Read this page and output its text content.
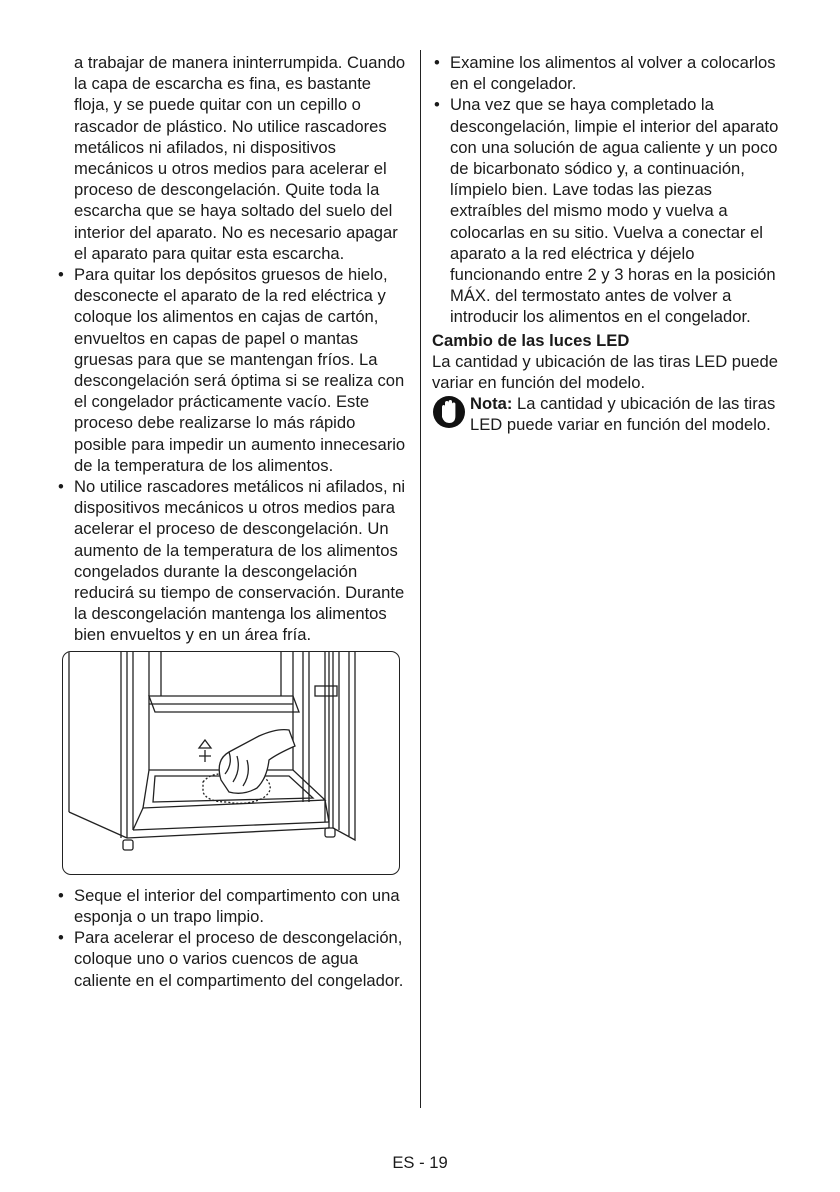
a trabajar de manera ininterrumpida. Cuando la capa de escarcha es fina, es bastante floja, y se puede quitar con un cepillo o rascador de plástico. No utilice rascadores metálicos ni afilados, ni dispositivos mecánicos u otros medios para acelerar el proceso de descongelación. Quite toda la escarcha que se haya soltado del suelo del interior del aparato. No es necesario apagar el aparato para quitar esta escarcha.

• Para quitar los depósitos gruesos de hielo, desconecte el aparato de la red eléctrica y coloque los alimentos en cajas de cartón, envueltos en capas de papel o mantas gruesas para que se mantengan fríos. La descongelación será óptima si se realiza con el congelador prácticamente vacío. Este proceso debe realizarse lo más rápido posible para impedir un aumento innecesario de la temperatura de los alimentos.
• No utilice rascadores metálicos ni afilados, ni dispositivos mecánicos u otros medios para acelerar el proceso de descongelación. Un aumento de la temperatura de los alimentos congelados durante la descongelación reducirá su tiempo de conservación. Durante la descongelación mantenga los alimentos bien envueltos y en un área fría.
• Seque el interior del compartimento con una esponja o un trapo limpio.
• Para acelerar el proceso de descongelación, coloque uno o varios cuencos de agua caliente en el compartimento del congelador.
• Examine los alimentos al volver a colocarlos en el congelador.
• Una vez que se haya completado la descongelación, limpie el interior del aparato con una solución de agua caliente y un poco de bicarbonato sódico y, a continuación, límpielo bien. Lave todas las piezas extraíbles del mismo modo y vuelva a colocarlas en su sitio. Vuelva a conectar el aparato a la red eléctrica y déjelo funcionando entre 2 y 3 horas en la posición MÁX. del termostato antes de volver a introducir los alimentos en el congelador.
Cambio de las luces LED

La cantidad y ubicación de las tiras LED puede variar en función del modelo.

Nota: La cantidad y ubicación de las tiras LED puede variar en función del modelo.
ES - 19
